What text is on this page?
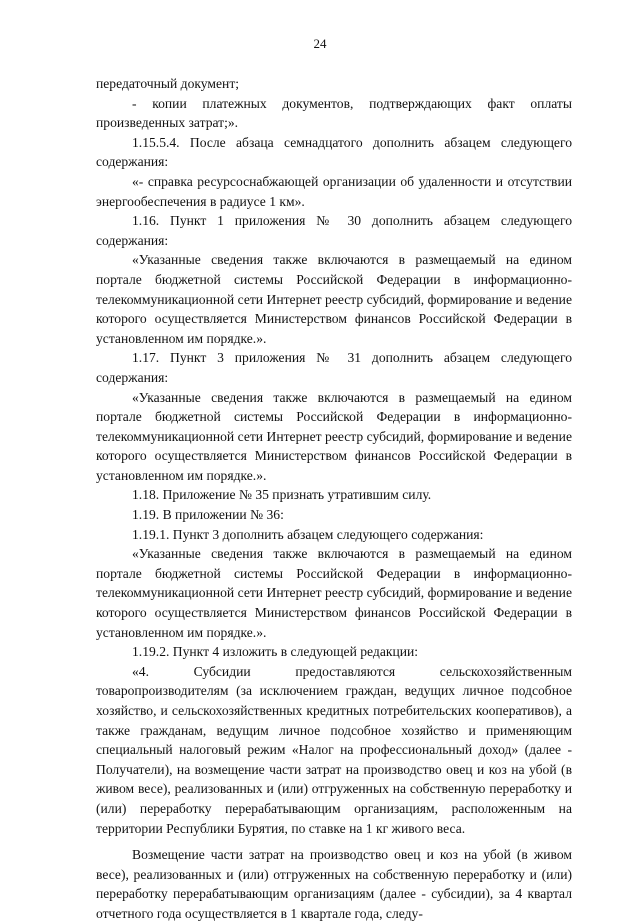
24

передаточный документ;

- копии платежных документов, подтверждающих факт оплаты произведенных затрат;».

1.15.5.4. После абзаца семнадцатого дополнить абзацем следующего содержания:

«- справка ресурсоснабжающей организации об удаленности и отсутствии энергообеспечения в радиусе 1 км».

1.16. Пункт 1 приложения № 30 дополнить абзацем следующего содержания:

«Указанные сведения также включаются в размещаемый на едином портале бюджетной системы Российской Федерации в информационно-телекоммуникационной сети Интернет реестр субсидий, формирование и ведение которого осуществляется Министерством финансов Российской Федерации в установленном им порядке.».

1.17. Пункт 3 приложения № 31 дополнить абзацем следующего содержания:

«Указанные сведения также включаются в размещаемый на едином портале бюджетной системы Российской Федерации в информационно-телекоммуникационной сети Интернет реестр субсидий, формирование и ведение которого осуществляется Министерством финансов Российской Федерации в установленном им порядке.».

1.18. Приложение № 35 признать утратившим силу.

1.19. В приложении № 36:

1.19.1. Пункт 3 дополнить абзацем следующего содержания:

«Указанные сведения также включаются в размещаемый на едином портале бюджетной системы Российской Федерации в информационно-телекоммуникационной сети Интернет реестр субсидий, формирование и ведение которого осуществляется Министерством финансов Российской Федерации в установленном им порядке.».

1.19.2. Пункт 4 изложить в следующей редакции:

«4. Субсидии предоставляются сельскохозяйственным товаропроизводителям (за исключением граждан, ведущих личное подсобное хозяйство, и сельскохозяйственных кредитных потребительских кооперативов), а также гражданам, ведущим личное подсобное хозяйство и применяющим специальный налоговый режим «Налог на профессиональный доход» (далее - Получатели), на возмещение части затрат на производство овец и коз на убой (в живом весе), реализованных и (или) отгруженных на собственную переработку и (или) переработку перерабатывающим организациям, расположенным на территории Республики Бурятия, по ставке на 1 кг живого веса.

Возмещение части затрат на производство овец и коз на убой (в живом весе), реализованных и (или) отгруженных на собственную переработку и (или) переработку перерабатывающим организациям (далее - субсидии), за 4 квартал отчетного года осуществляется в 1 квартале года, следу-
